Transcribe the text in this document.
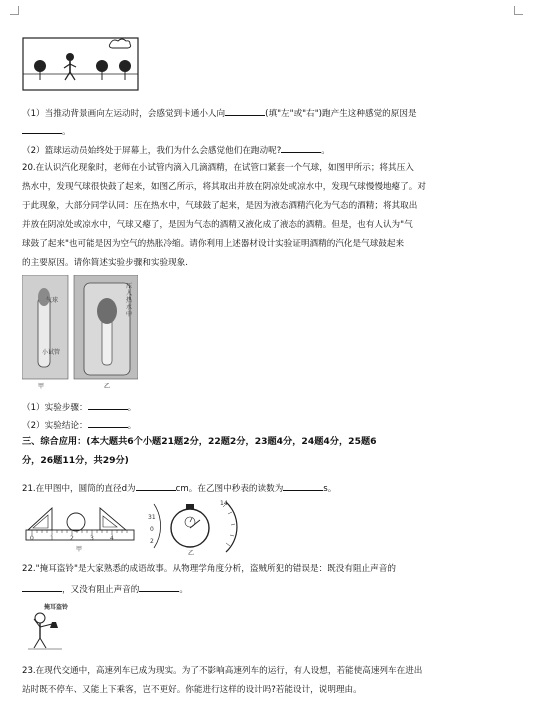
（1）当推动背景画向左运动时，会感觉到卡通小人向	(填"左"或"右")跑产生这种感觉的原因是
。
（2）篮球运动员始终处于屏幕上，我们为什么会感觉他们在跑动呢?	。
20.在认识汽化现象时，老师在小试管内滴入几滴酒精，在试管口紧套一个气球，如图甲所示；将其压入
热水中，发现气球很快鼓了起来，如图乙所示，将其取出并放在阴凉处或凉水中，发现气球慢慢地瘪了。对
于此现象，大部分同学认同：压在热水中，气球鼓了起来，是因为液态酒精汽化为气态的酒精；将其取出
并放在阴凉处或凉水中，气球又瘪了，是因为气态的酒精又液化成了液态的酒精。但是，也有人认为"气
球鼓了起来"也可能是因为空气的热胀冷缩。请你利用上述器材设计实验证明酒精的汽化是气球鼓起来
的主要原因。请你简述实验步骤和实验现象.
气球
小试管
压入热水中
甲	乙
（1）实验步骤：	。
（2）实验结论：	。
三、综合应用：(本大题共6个小题21题2分，22题2分，23题4分，24题4分，25题6
分，26题11分，共29分)
21.在甲图中，圆筒的直径d为	cm。在乙图中秒表的读数为	s。
0	1	2	3	4
甲
31
0
2
14
乙
22."掩耳盗铃"是大家熟悉的成语故事。从物理学角度分析，盗贼所犯的错误是：既没有阻止声音的
，又没有阻止声音的	。
掩耳盗铃
23.在现代交通中，高速列车已成为现实。为了不影响高速列车的运行，有人设想，若能使高速列车在进出
站时既不停车、又能上下乘客，岂不更好。你能进行这样的设计吗?若能设计，说明理由。
